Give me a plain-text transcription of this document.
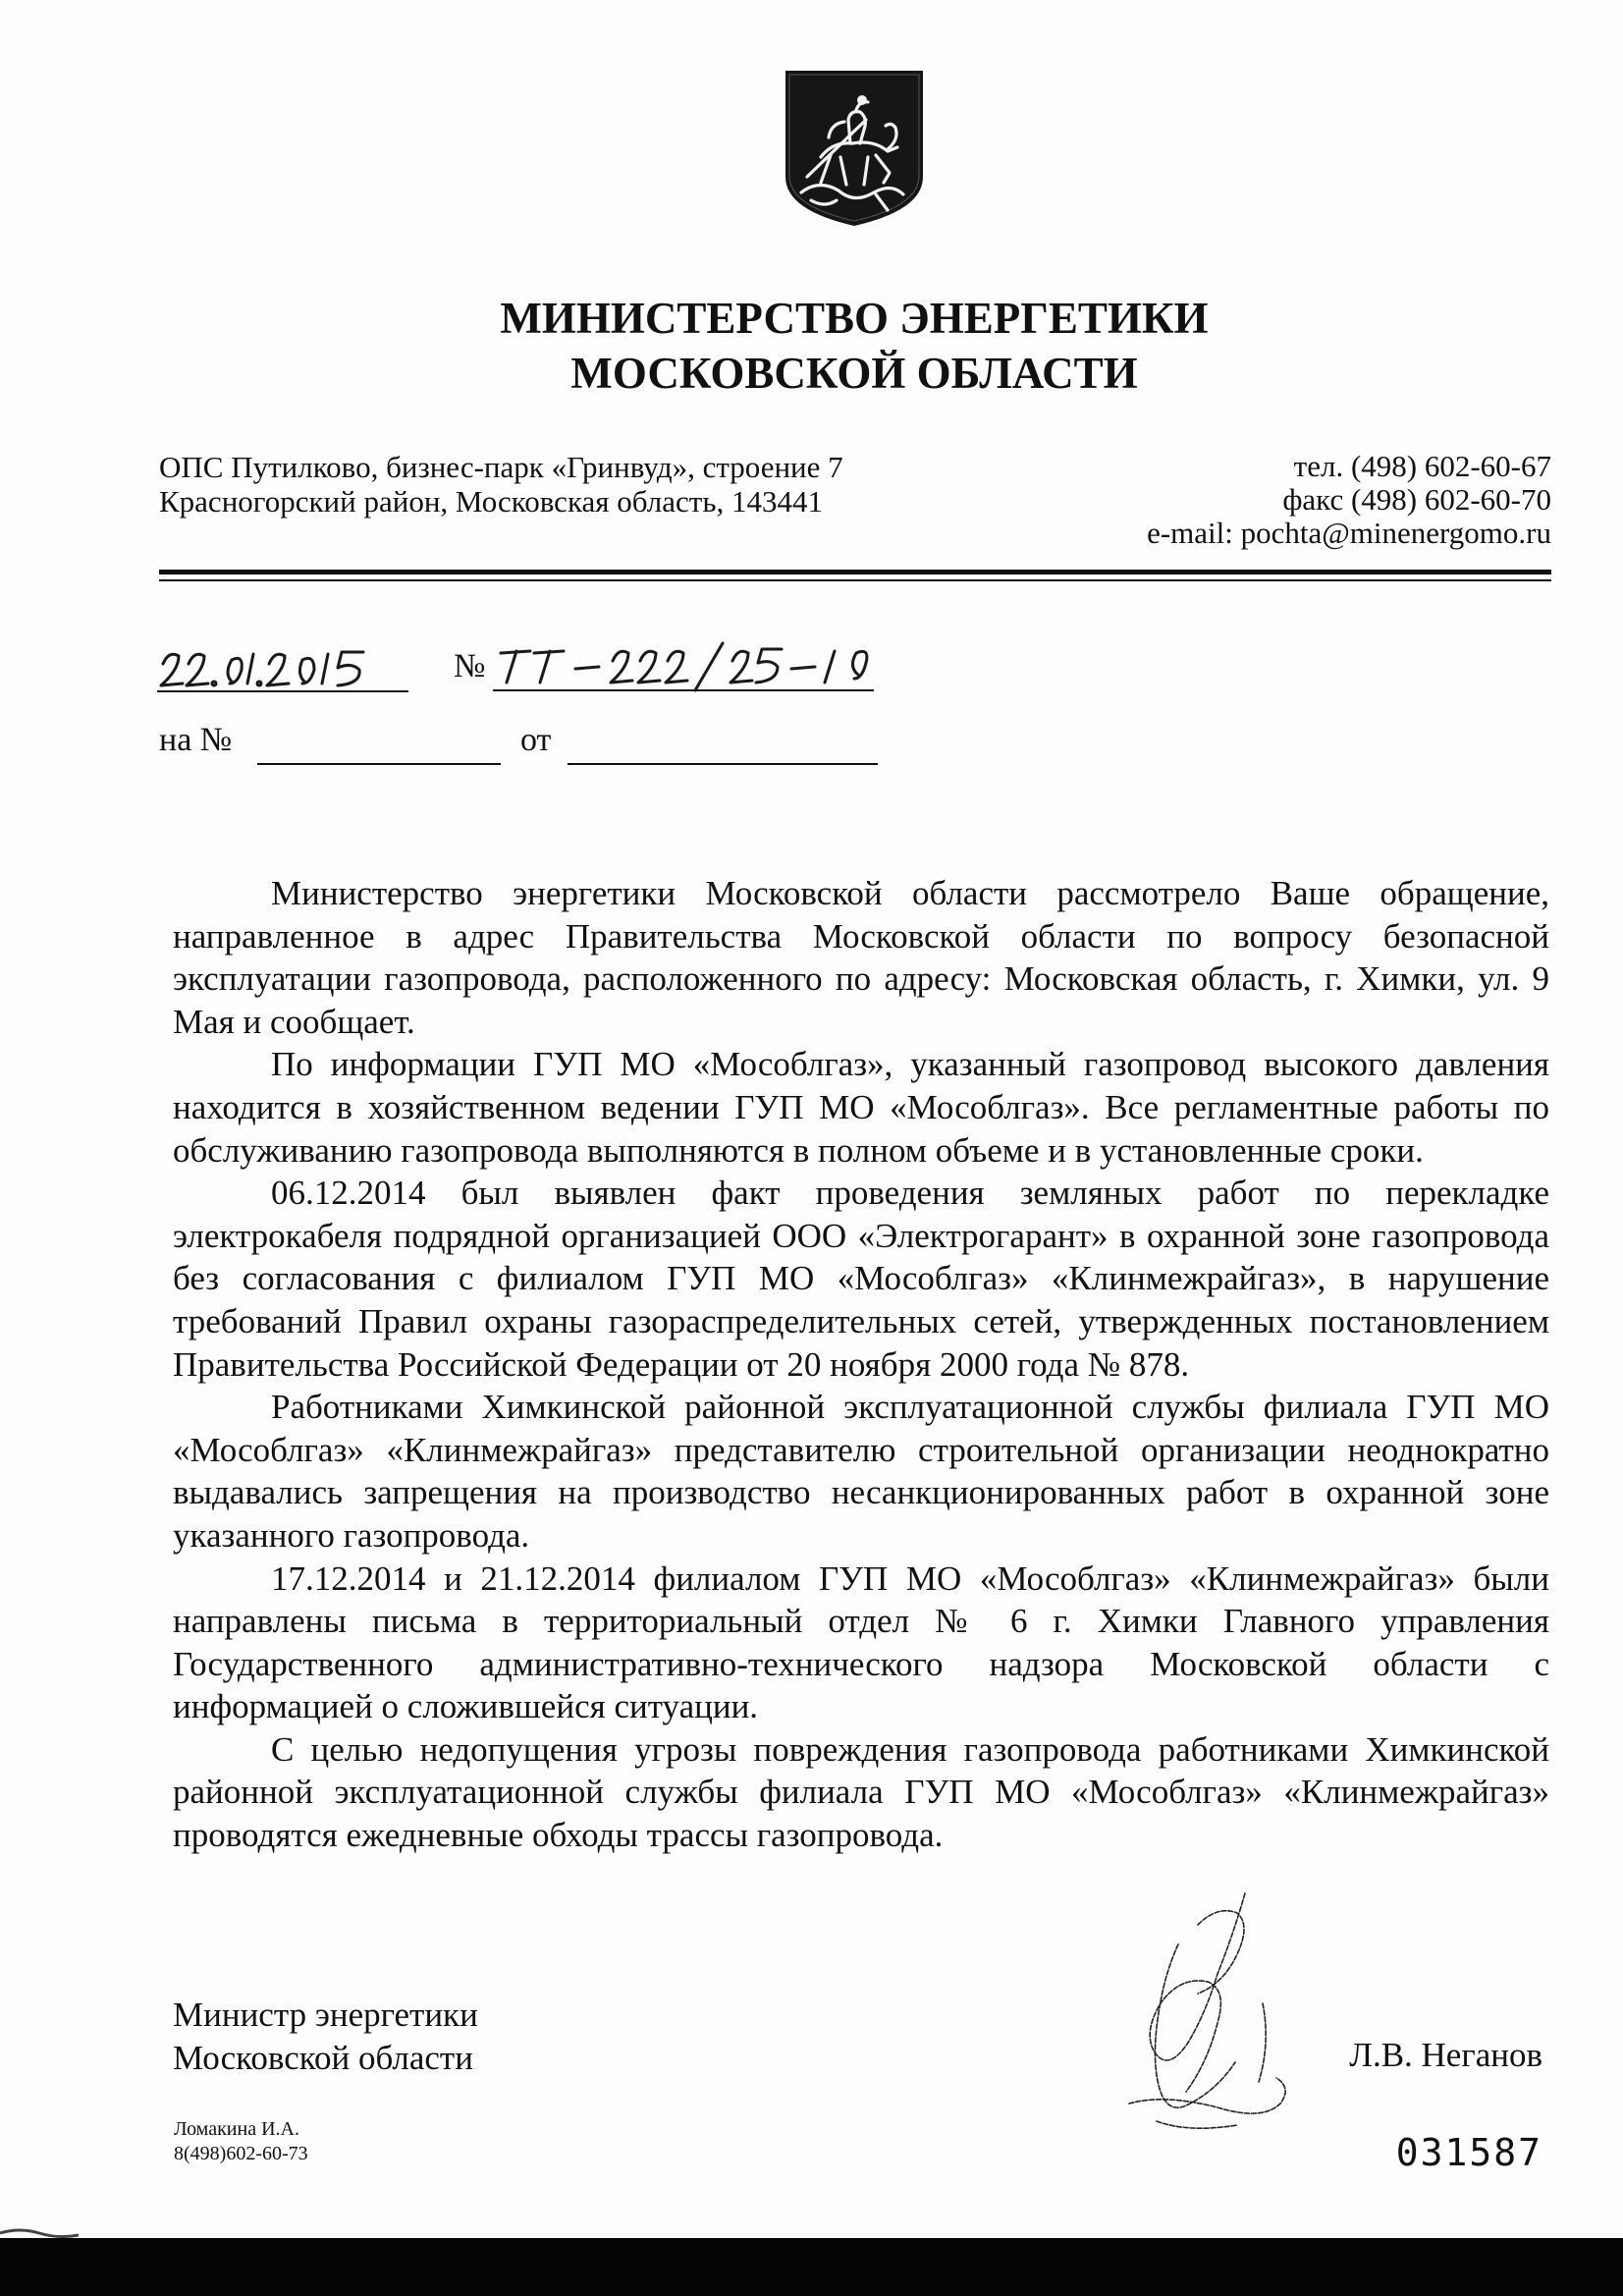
МИНИСТЕРСТВО ЭНЕРГЕТИКИ
МОСКОВСКОЙ ОБЛАСТИ
ОПС Путилково, бизнес-парк «Гринвуд», строение 7
Красногорский район, Московская область, 143441
тел. (498) 602-60-67
факс (498) 602-60-70
e-mail: pochta@minenergomo.ru
№
на №	от

Министерство энергетики Московской области рассмотрело Ваше обращение, направленное в адрес Правительства Московской области по вопросу безопасной эксплуатации газопровода, расположенного по адресу: Московская область, г. Химки, ул. 9 Мая и сообщает.

По информации ГУП МО «Мособлгаз», указанный газопровод высокого давления находится в хозяйственном ведении ГУП МО «Мособлгаз». Все регламентные работы по обслуживанию газопровода выполняются в полном объеме и в установленные сроки.

06.12.2014 был выявлен факт проведения земляных работ по перекладке электрокабеля подрядной организацией ООО «Электрогарант» в охранной зоне газопровода без согласования с филиалом ГУП МО «Мособлгаз» «Клинмежрайгаз», в нарушение требований Правил охраны газораспределительных сетей, утвержденных постановлением Правительства Российской Федерации от 20 ноября 2000 года № 878.

Работниками Химкинской районной эксплуатационной службы филиала ГУП МО «Мособлгаз» «Клинмежрайгаз» представителю строительной организации неоднократно выдавались запрещения на производство несанкционированных работ в охранной зоне указанного газопровода.

17.12.2014 и 21.12.2014 филиалом ГУП МО «Мособлгаз» «Клинмежрайгаз» были направлены письма в территориальный отдел № 6 г. Химки Главного управления Государственного административно-технического надзора Московской области с информацией о сложившейся ситуации.

С целью недопущения угрозы повреждения газопровода работниками Химкинской районной эксплуатационной службы филиала ГУП МО «Мособлгаз» «Клинмежрайгаз» проводятся ежедневные обходы трассы газопровода.

Министр энергетики
Московской области	Л.В. Неганов
Ломакина И.А.
8(498)602-60-73	031587
